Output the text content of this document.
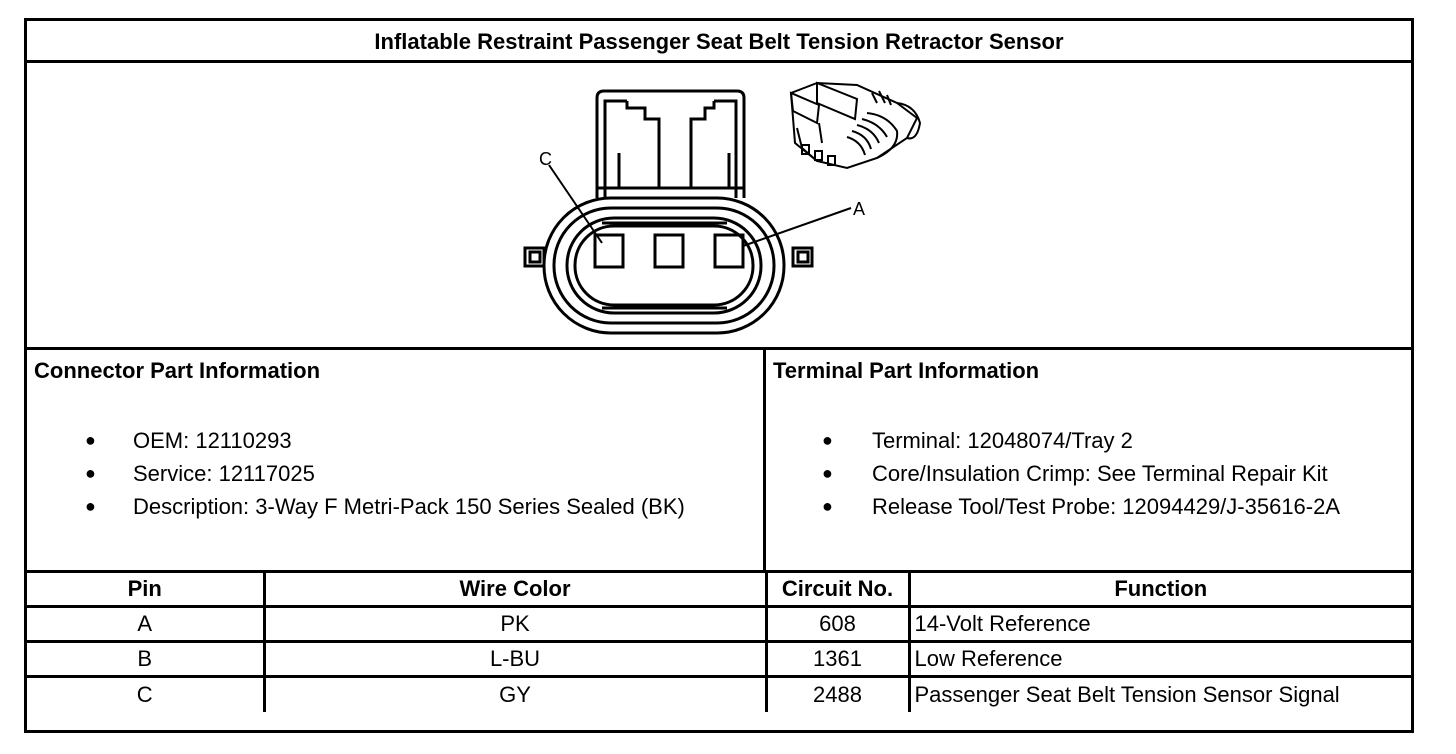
Inflatable Restraint Passenger Seat Belt Tension Retractor Sensor
C
A
Connector Part Information
● OEM: 12110293
● Service: 12117025
● Description: 3-Way F Metri-Pack 150 Series Sealed (BK)
Terminal Part Information
● Terminal: 12048074/Tray 2
● Core/Insulation Crimp: See Terminal Repair Kit
● Release Tool/Test Probe: 12094429/J-35616-2A
Pin	Wire Color	Circuit No.	Function
A	PK	608	14-Volt Reference
B	L-BU	1361	Low Reference
C	GY	2488	Passenger Seat Belt Tension Sensor Signal
